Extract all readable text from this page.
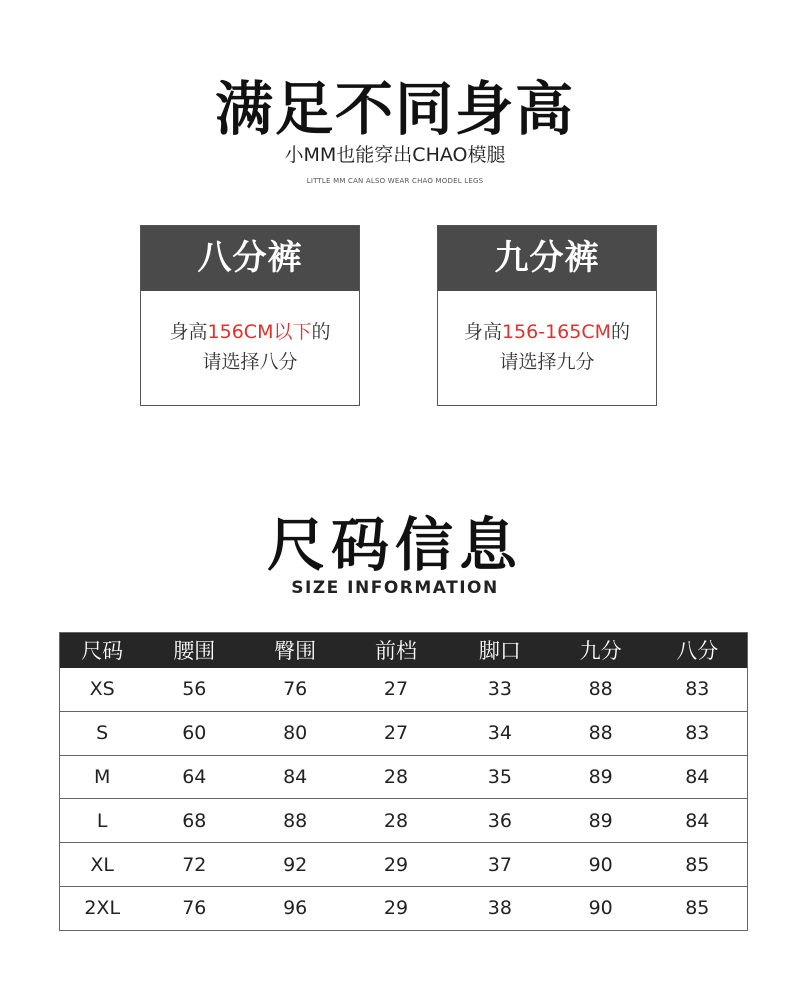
满足不同身高
小MM也能穿出CHAO模腿
LITTLE MM CAN ALSO WEAR CHAO MODEL LEGS
八分裤
身高156CM以下的
请选择八分
九分裤
身高156-165CM的
请选择九分
尺码信息
SIZE INFORMATION
尺码	腰围	臀围	前档	脚口	九分	八分
XS	56	76	27	33	88	83
S	60	80	27	34	88	83
M	64	84	28	35	89	84
L	68	88	28	36	89	84
XL	72	92	29	37	90	85
2XL	76	96	29	38	90	85
